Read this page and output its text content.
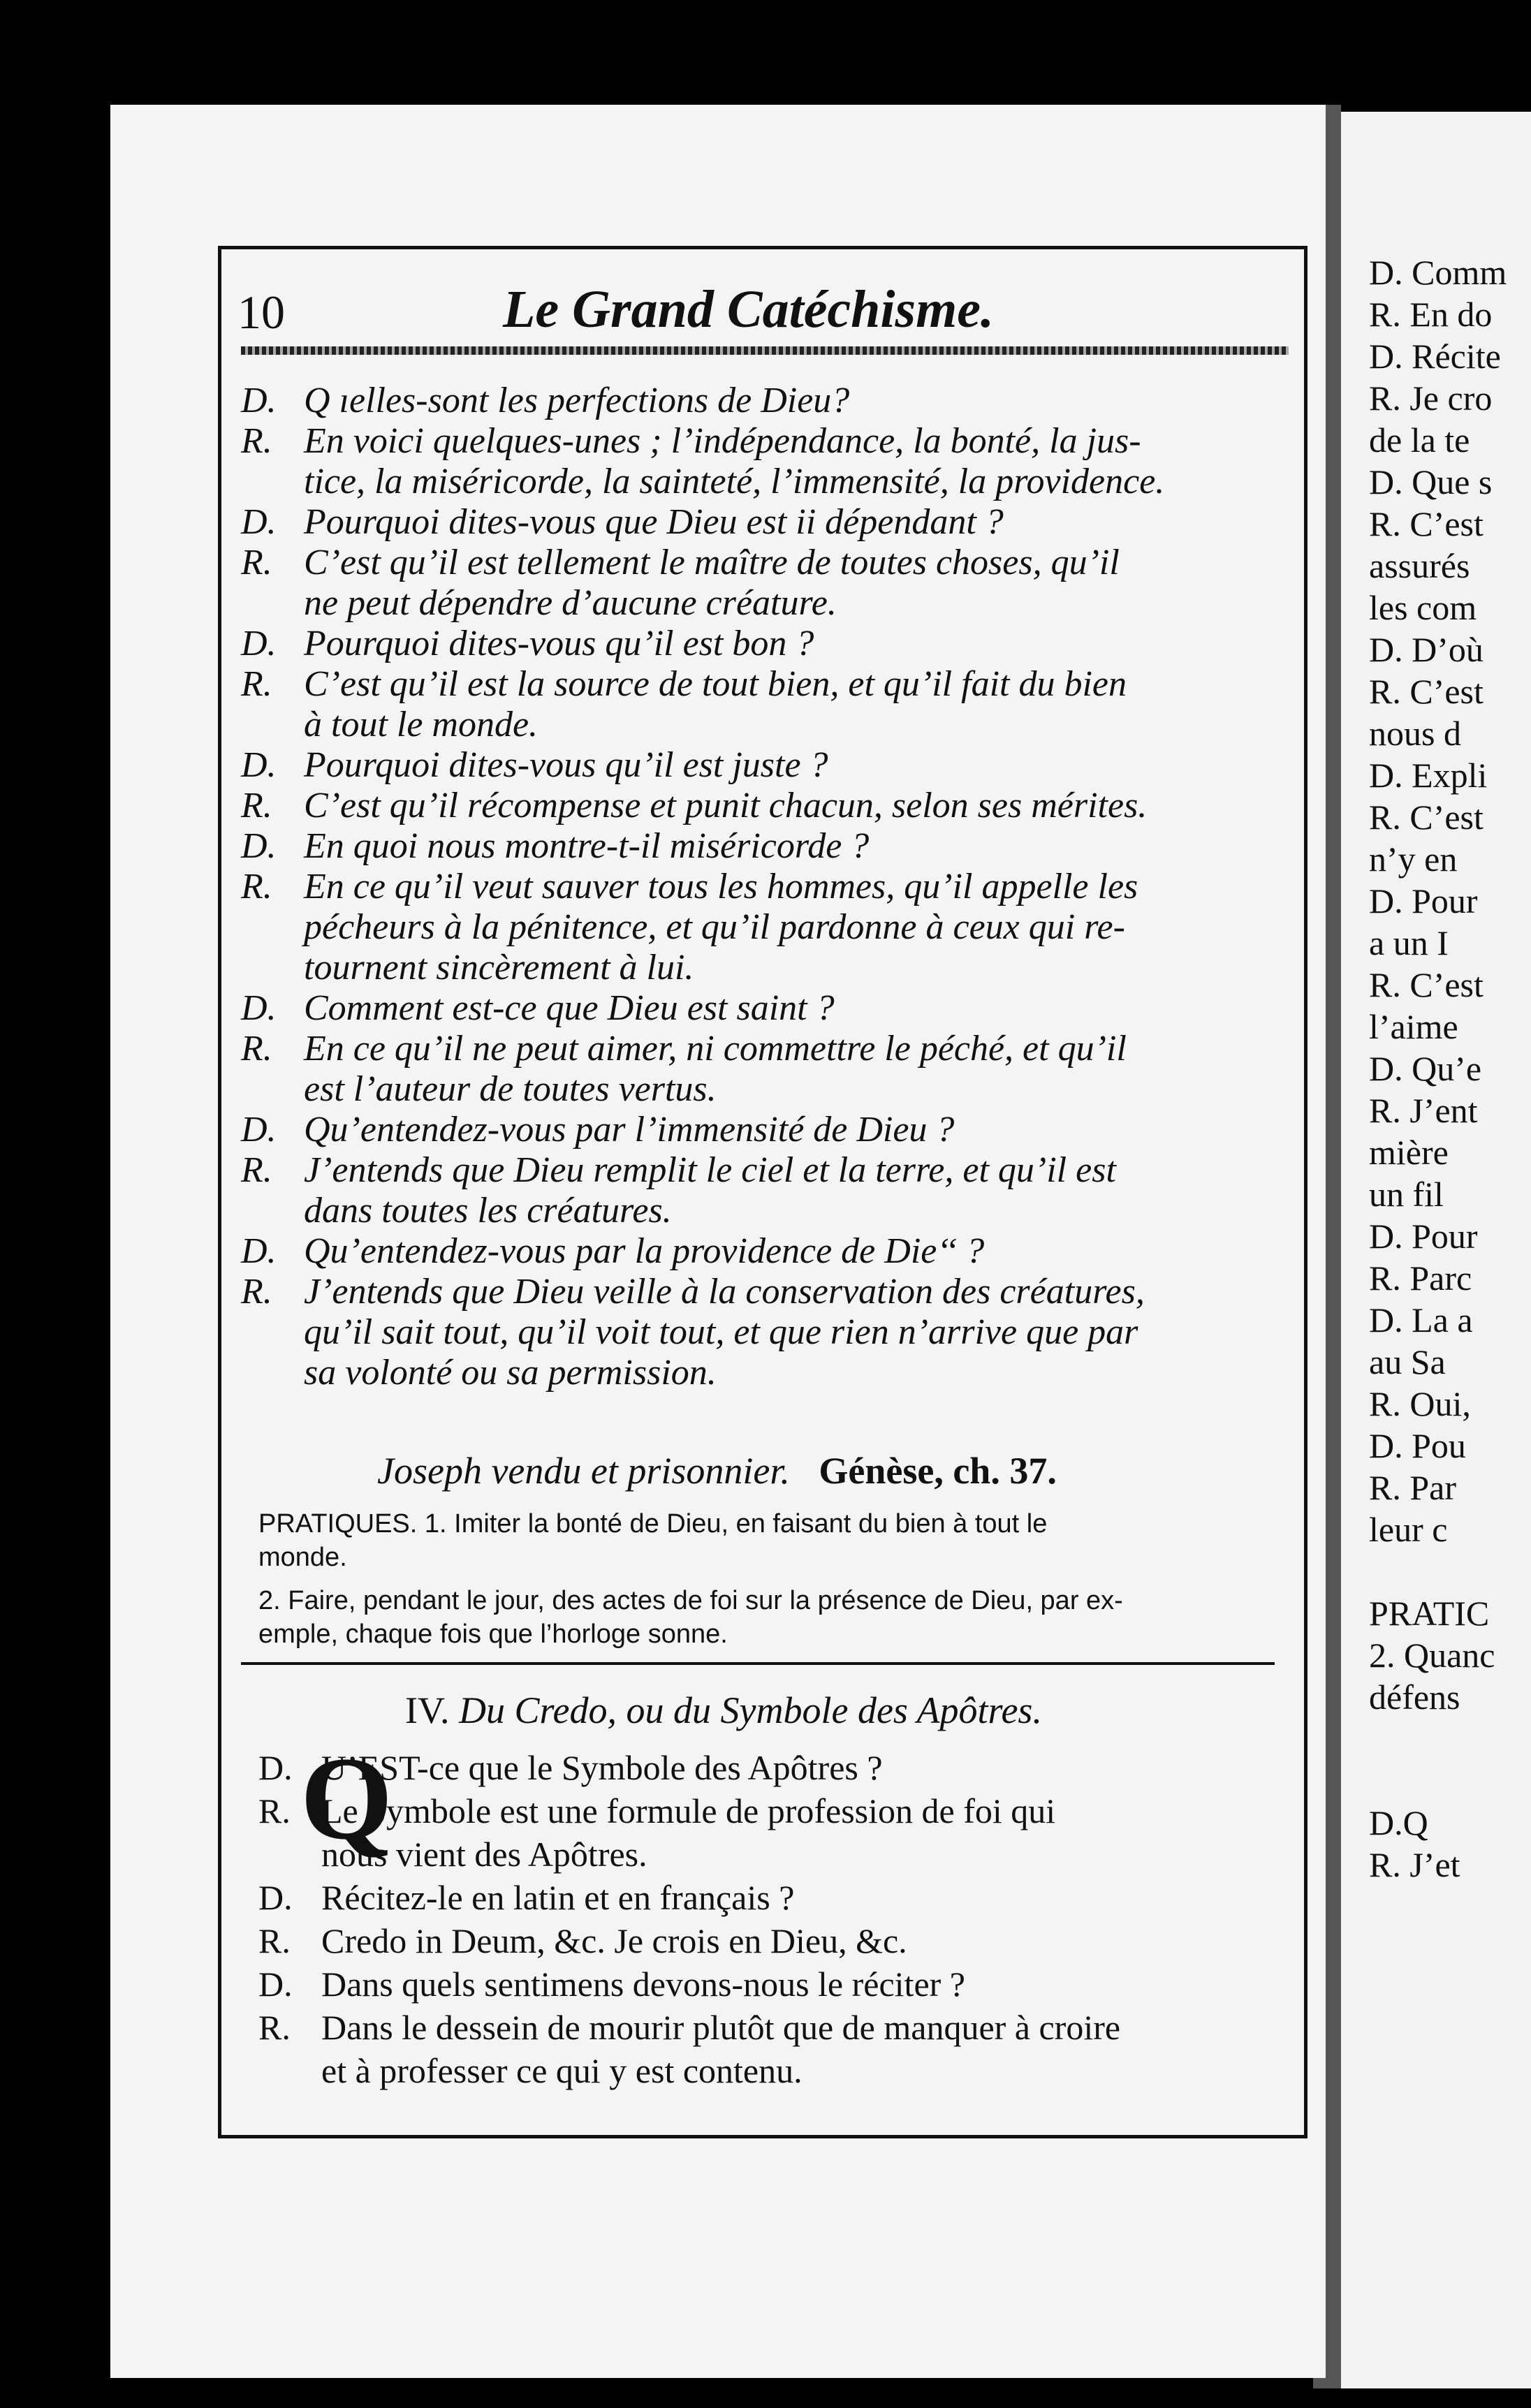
10	Le Grand Catéchisme.
D. Q ıelles-sont les perfections de Dieu?
R. En voici quelques-unes ; l’indépendance, la bonté, la jus-
tice, la miséricorde, la sainteté, l’immensité, la providence.
D. Pourquoi dites-vous que Dieu est ii dépendant ?
R. C’est qu’il est tellement le maître de toutes choses, qu’il
ne peut dépendre d’aucune créature.
D. Pourquoi dites-vous qu’il est bon ?
R. C’est qu’il est la source de tout bien, et qu’il fait du bien
à tout le monde.
D. Pourquoi dites-vous qu’il est juste ?
R. C’est qu’il récompense et punit chacun, selon ses mérites.
D. En quoi nous montre-t-il miséricorde ?
R. En ce qu’il veut sauver tous les hommes, qu’il appelle les
pécheurs à la pénitence, et qu’il pardonne à ceux qui re-
tournent sincèrement à lui.
D. Comment est-ce que Dieu est saint ?
R. En ce qu’il ne peut aimer, ni commettre le péché, et qu’il
est l’auteur de toutes vertus.
D. Qu’entendez-vous par l’immensité de Dieu ?
R. J’entends que Dieu remplit le ciel et la terre, et qu’il est
dans toutes les créatures.
D. Qu’entendez-vous par la providence de Die‘‘ ?
R. J’entends que Dieu veille à la conservation des créatures,
qu’il sait tout, qu’il voit tout, et que rien n’arrive que par
sa volonté ou sa permission.
Joseph vendu et prisonnier. Génèse, ch. 37.
PRATIQUES. 1. Imiter la bonté de Dieu, en faisant du bien à tout le
monde.
2. Faire, pendant le jour, des actes de foi sur la présence de Dieu, par ex-
emple, chaque fois que l’horloge sonne.
IV. Du Credo, ou du Symbole des Apôtres.
Q
D. U’EST-ce que le Symbole des Apôtres ?
R. Le Symbole est une formule de profession de foi qui
nous vient des Apôtres.
D. Récitez-le en latin et en français ?
R. Credo in Deum, &c. Je crois en Dieu, &c.
D. Dans quels sentimens devons-nous le réciter ?
R. Dans le dessein de mourir plutôt que de manquer à croire
et à professer ce qui y est contenu.
D. Comm
R. En do
D. Récite
R. Je cro
de la te
D. Que s
R. C’est
assurés
les com
D. D’où
R. C’est
nous d
D. Expli
R. C’est
n’y en
D. Pour
a un I
R. C’est
l’aime
D. Qu’e
R. J’ent
mière
un fil
D. Pour
R. Parc
D. La a
au Sa
R. Oui,
D. Pou
R. Par
leur c
PRATIC
2. Quanc
défens
D.Q
R. J’et
